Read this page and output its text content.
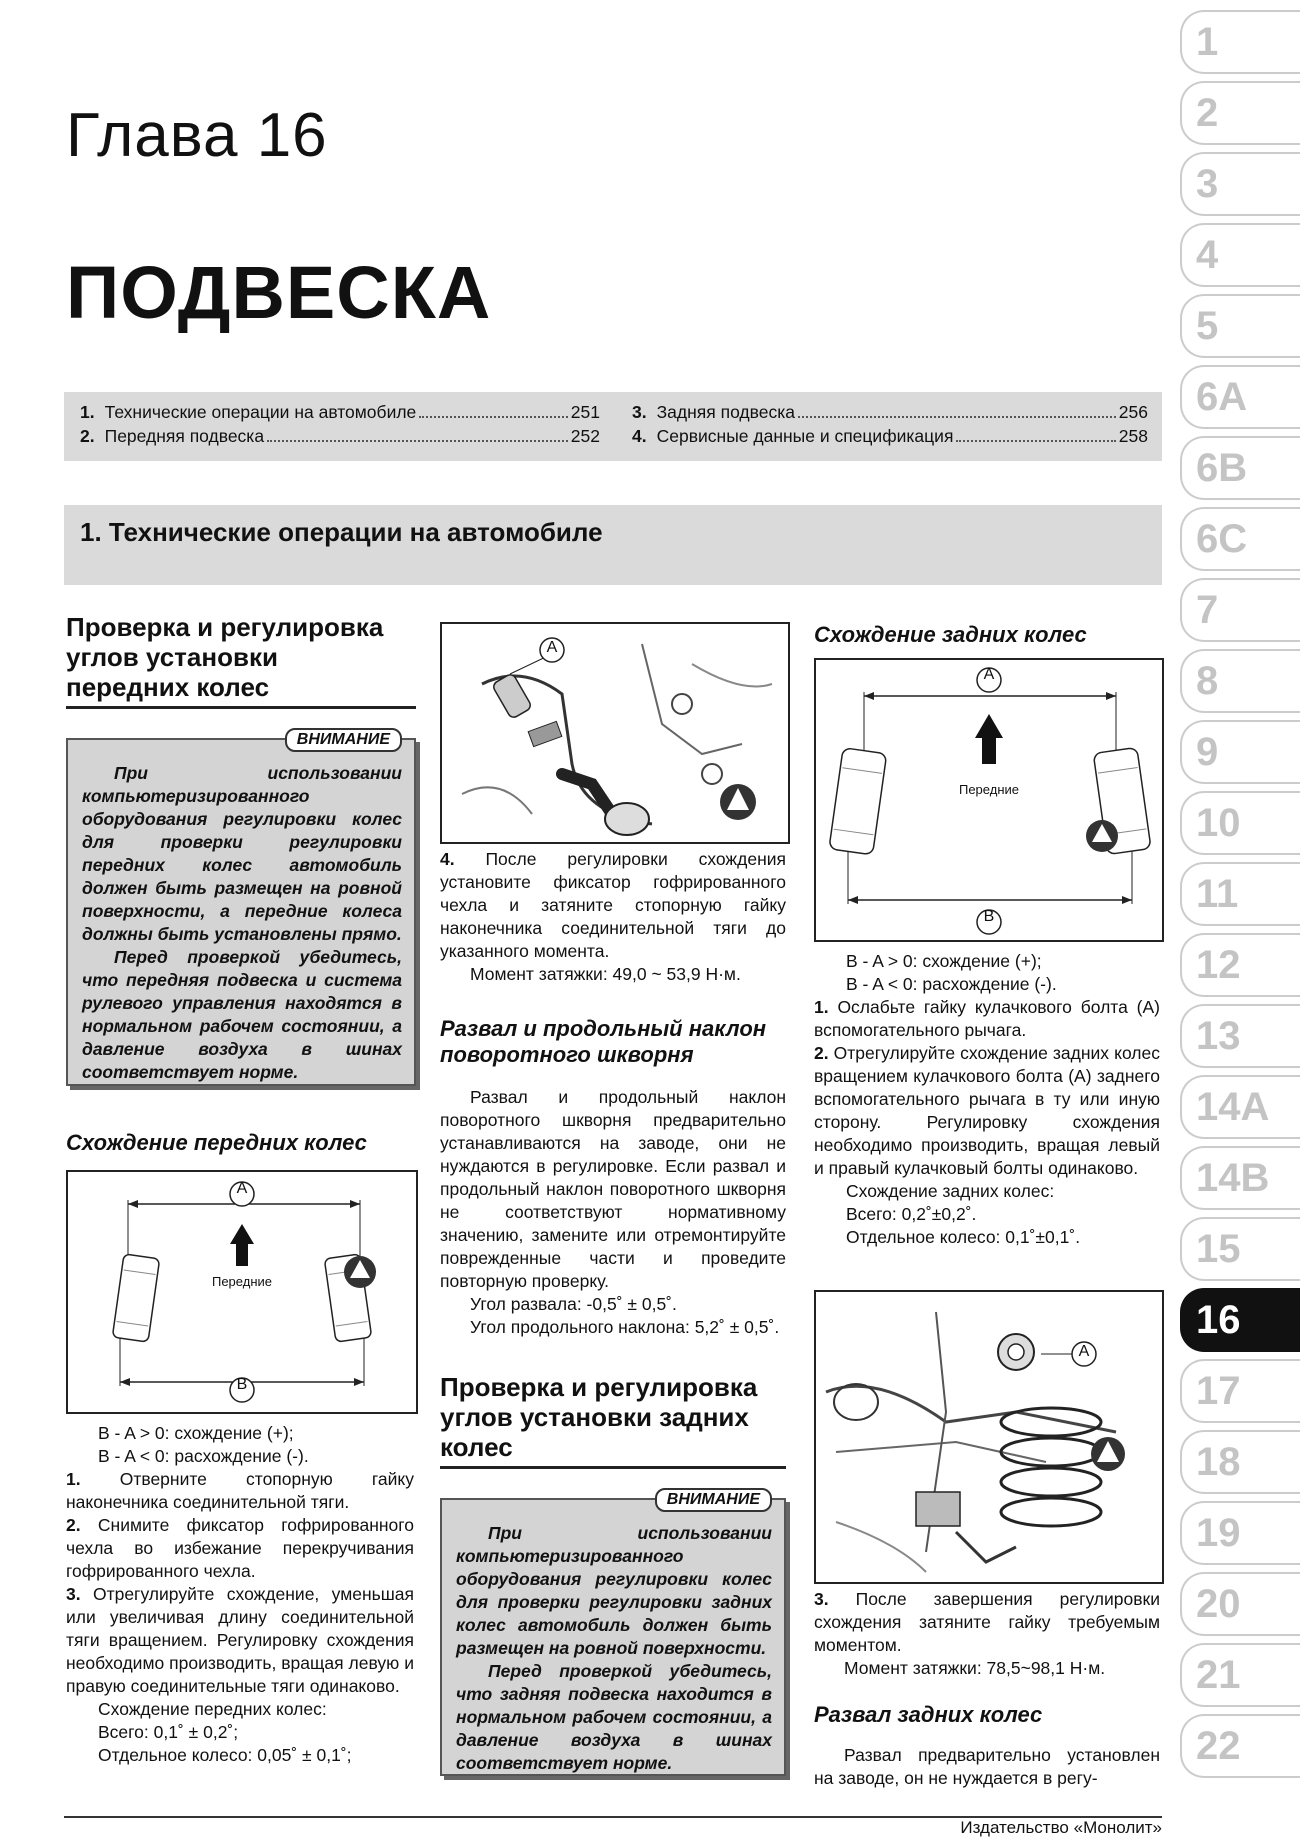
Глава 16
ПОДВЕСКА
1. Технические операции на автомобиле	251
2. Передняя подвеска	252
3. Задняя подвеска	256
4. Сервисные данные и спецификация	258
1. Технические операции на автомобиле
Проверка и регулировка
углов установки
передних колес
ВНИМАНИЕ

При использовании компьютеризированного оборудования регулировки колес для проверки регулировки передних колес автомобиль должен быть размещен на ровной поверхности, а передние колеса должны быть установлены прямо.

Перед проверкой убедитесь, что передняя подвеска и система рулевого управления находятся в нормальном рабочем состоянии, а давление воздуха в шинах соответствует норме.

Схождение передних колес
A
B
Передние

B - A > 0: схождение (+);

B - A < 0: расхождение (-).

1. Отверните стопорную гайку наконечника соединительной тяги.

2. Снимите фиксатор гофрированного чехла во избежание перекручивания гофрированного чехла.

3. Отрегулируйте схождение, уменьшая или увеличивая длину соединительной тяги вращением. Регулировку схождения необходимо производить, вращая левую и правую соединительные тяги одинаково.

Схождение передних колес:

Всего: 0,1˚ ± 0,2˚;

Отдельное колесо: 0,05˚ ± 0,1˚;

A

4. После регулировки схождения установите фиксатор гофрированного чехла и затяните стопорную гайку наконечника соединительной тяги до указанного момента.

Момент затяжки: 49,0 ~ 53,9 Н·м.

Развал и продольный наклон
поворотного шкворня

Развал и продольный наклон поворотного шкворня предварительно устанавливаются на заводе, они не нуждаются в регулировке. Если развал и продольный наклон поворотного шкворня не соответствуют нормативному значению, замените или отремонтируйте поврежденные части и проведите повторную проверку.

Угол развала: -0,5˚ ± 0,5˚.

Угол продольного наклона: 5,2˚ ± 0,5˚.

Проверка и регулировка
углов установки задних
колес
ВНИМАНИЕ

При использовании компьютеризированного оборудования регулировки колес для проверки регулировки задних колес автомобиль должен быть размещен на ровной поверхности.

Перед проверкой убедитесь, что задняя подвеска находится в нормальном рабочем состоянии, а давление воздуха в шинах соответствует норме.

Схождение задних колес
A
B
Передние

B - A > 0: схождение (+);

B - A < 0: расхождение (-).

1. Ослабьте гайку кулачкового болта (A) вспомогательного рычага.

2. Отрегулируйте схождение задних колес вращением кулачкового болта (A) заднего вспомогательного рычага в ту или иную сторону. Регулировку схождения необходимо производить, вращая левый и правый кулачковый болты одинаково.

Схождение задних колес:

Всего: 0,2˚±0,2˚.

Отдельное колесо: 0,1˚±0,1˚.

A

3. После завершения регулировки схождения затяните гайку требуемым моментом.

Момент затяжки: 78,5~98,1 Н·м.

Развал задних колес

Развал предварительно установлен на заводе, он не нуждается в регу-

Издательство «Монолит»
1
2
3
4
5
6A
6B
6C
7
8
9
10
11
12
13
14A
14B
15
16
17
18
19
20
21
22
